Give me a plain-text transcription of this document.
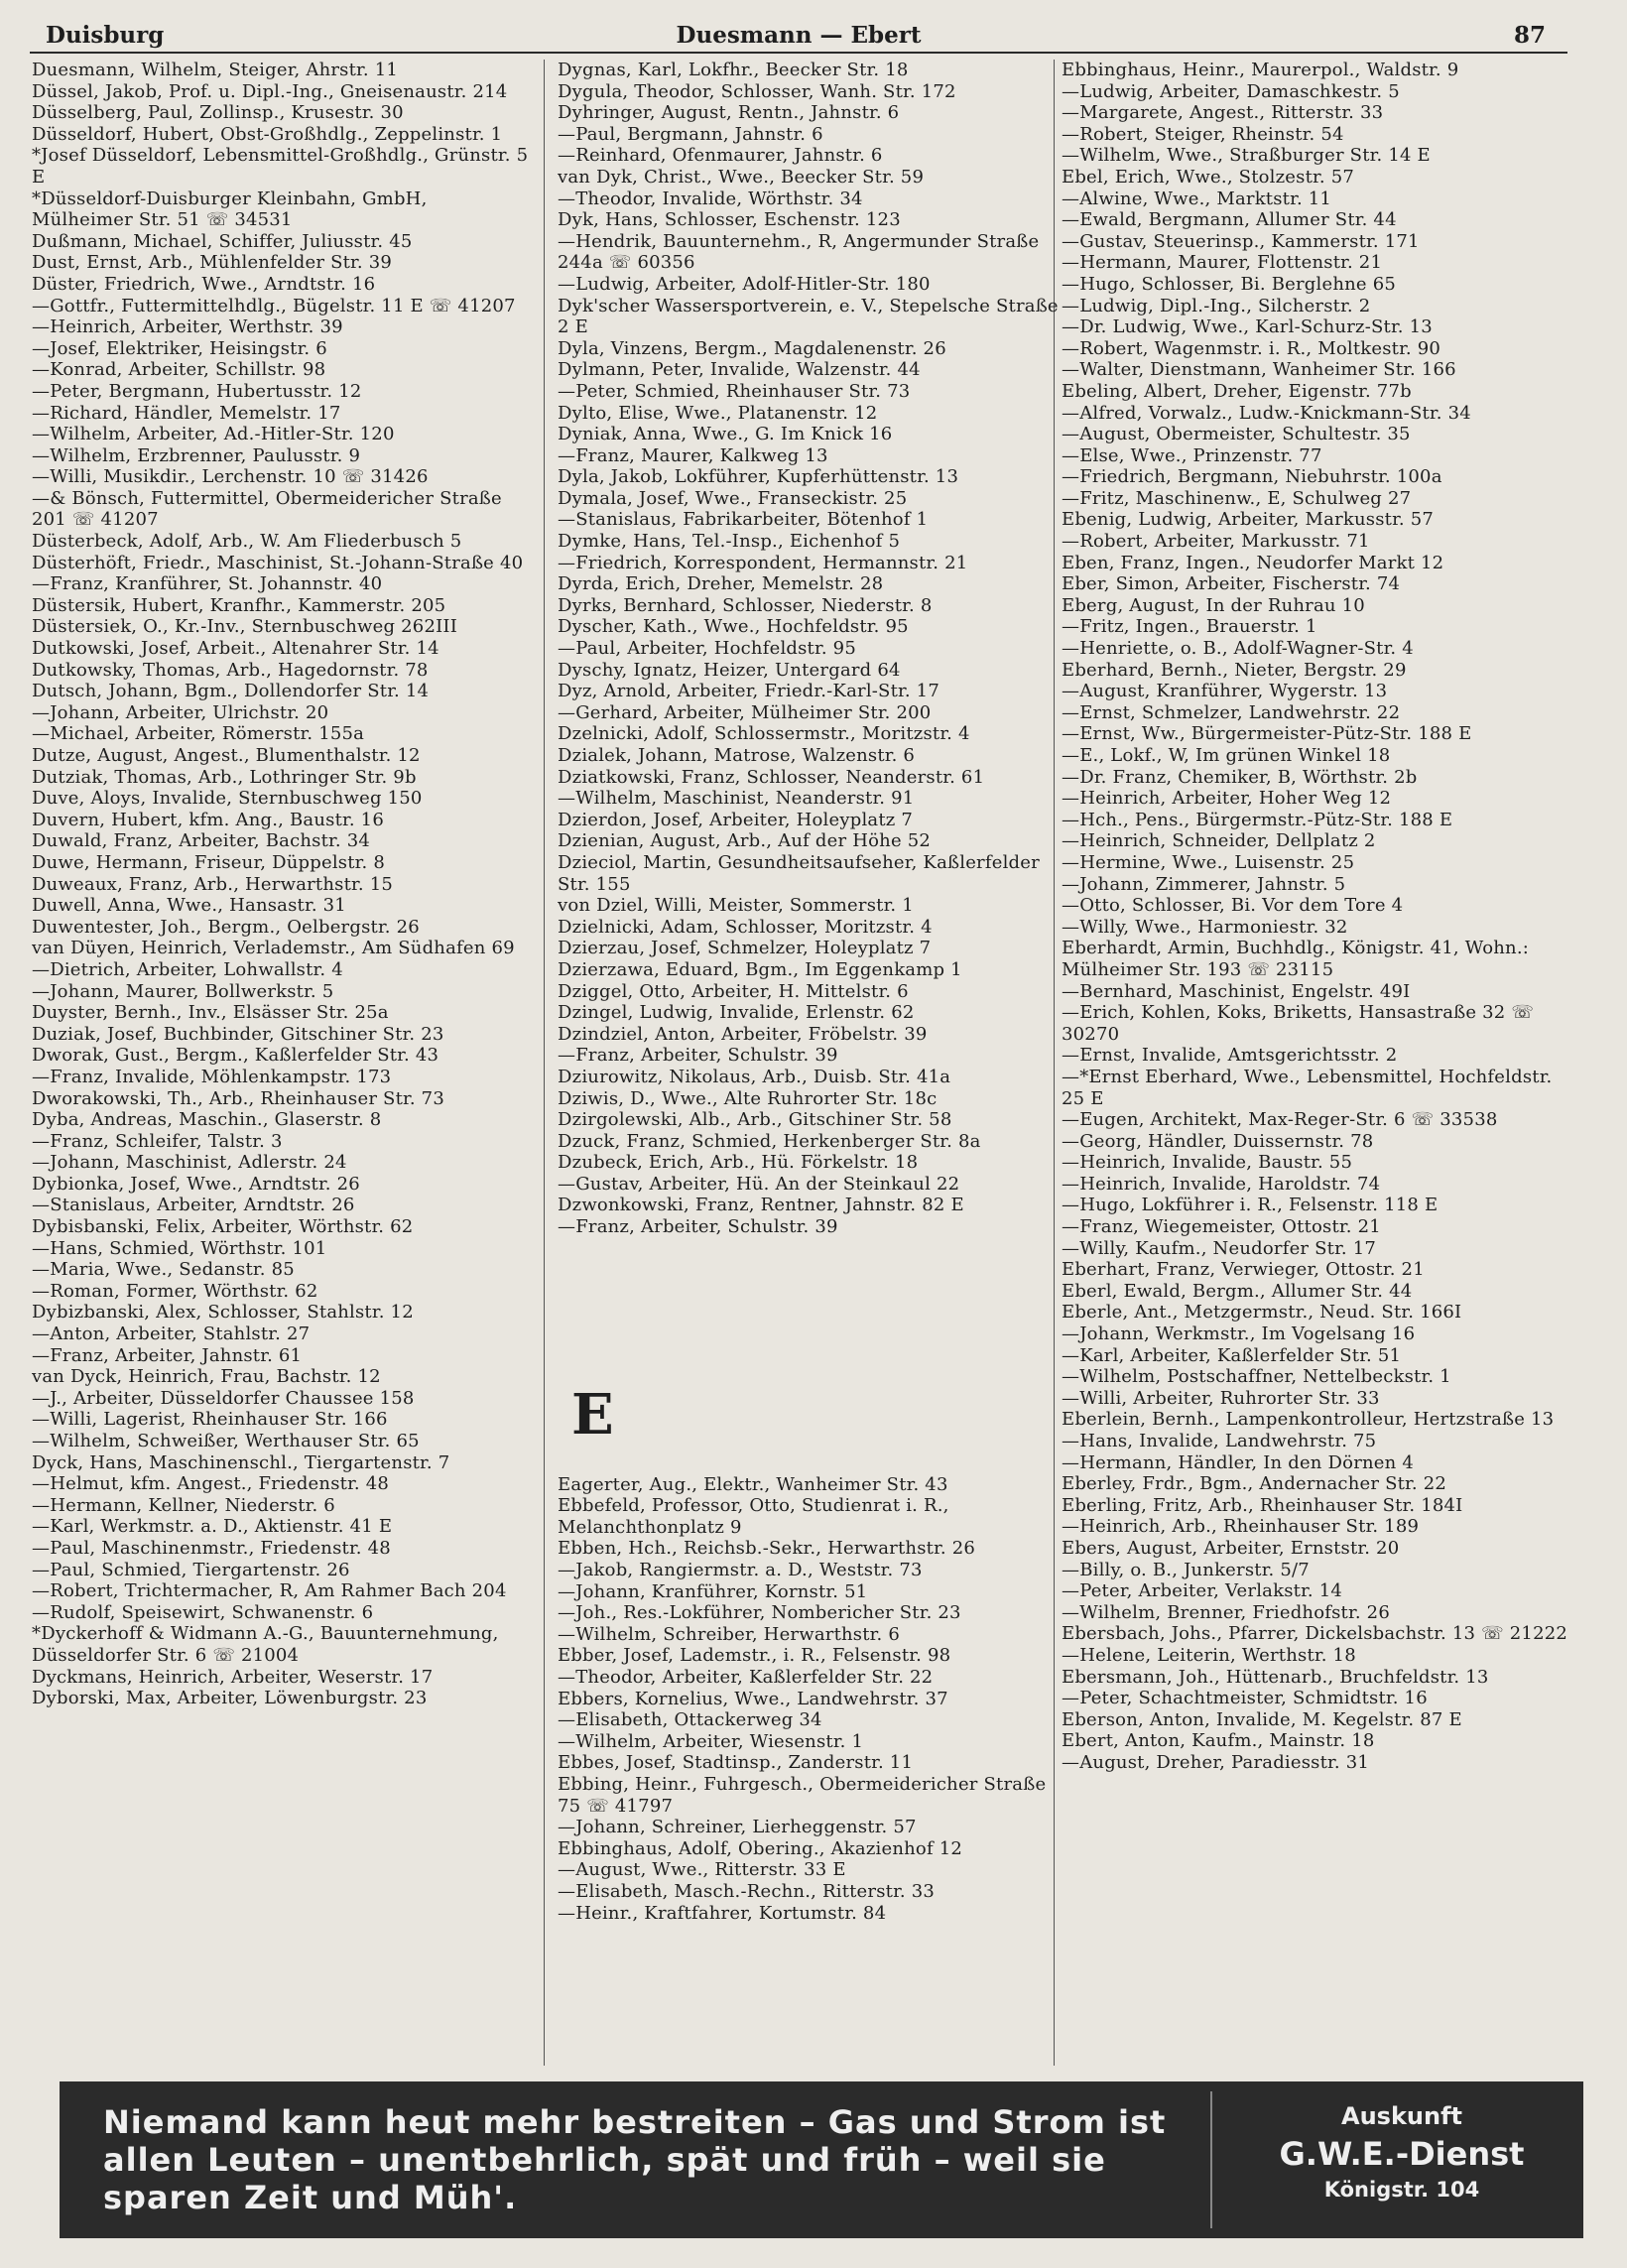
Duisburg	Duesmann — Ebert	87
Duesmann, Wilhelm, Steiger, Ahrstr. 11
Düssel, Jakob, Prof. u. Dipl.-Ing., Gneisenaustr. 214
Düsselberg, Paul, Zollinsp., Krusestr. 30
Düsseldorf, Hubert, Obst-Großhdlg., Zeppelinstr. 1
*Josef Düsseldorf, Lebensmittel-Großhdlg., Grünstr. 5 E
*Düsseldorf-Duisburger Kleinbahn, GmbH, Mülheimer Str. 51 ☏ 34531
Dußmann, Michael, Schiffer, Juliusstr. 45
Dust, Ernst, Arb., Mühlenfelder Str. 39
Düster, Friedrich, Wwe., Arndtstr. 16
—Gottfr., Futtermittelhdlg., Bügelstr. 11 E ☏ 41207
—Heinrich, Arbeiter, Werthstr. 39
—Josef, Elektriker, Heisingstr. 6
—Konrad, Arbeiter, Schillstr. 98
—Peter, Bergmann, Hubertusstr. 12
—Richard, Händler, Memelstr. 17
—Wilhelm, Arbeiter, Ad.-Hitler-Str. 120
—Wilhelm, Erzbrenner, Paulusstr. 9
—Willi, Musikdir., Lerchenstr. 10 ☏ 31426
—& Bönsch, Futtermittel, Obermeidericher Straße 201 ☏ 41207
Düsterbeck, Adolf, Arb., W. Am Fliederbusch 5
Düsterhöft, Friedr., Maschinist, St.-Johann-Straße 40
—Franz, Kranführer, St. Johannstr. 40
Düstersik, Hubert, Kranfhr., Kammerstr. 205
Düstersiek, O., Kr.-Inv., Sternbuschweg 262III
Dutkowski, Josef, Arbeit., Altenahrer Str. 14
Dutkowsky, Thomas, Arb., Hagedornstr. 78
Dutsch, Johann, Bgm., Dollendorfer Str. 14
—Johann, Arbeiter, Ulrichstr. 20
—Michael, Arbeiter, Römerstr. 155a
Dutze, August, Angest., Blumenthalstr. 12
Dutziak, Thomas, Arb., Lothringer Str. 9b
Duve, Aloys, Invalide, Sternbuschweg 150
Duvern, Hubert, kfm. Ang., Baustr. 16
Duwald, Franz, Arbeiter, Bachstr. 34
Duwe, Hermann, Friseur, Düppelstr. 8
Duweaux, Franz, Arb., Herwarthstr. 15
Duwell, Anna, Wwe., Hansastr. 31
Duwentester, Joh., Bergm., Oelbergstr. 26
van Düyen, Heinrich, Verlademstr., Am Südhafen 69
—Dietrich, Arbeiter, Lohwallstr. 4
—Johann, Maurer, Bollwerkstr. 5
Duyster, Bernh., Inv., Elsässer Str. 25a
Duziak, Josef, Buchbinder, Gitschiner Str. 23
Dworak, Gust., Bergm., Kaßlerfelder Str. 43
—Franz, Invalide, Möhlenkampstr. 173
Dworakowski, Th., Arb., Rheinhauser Str. 73
Dyba, Andreas, Maschin., Glaserstr. 8
—Franz, Schleifer, Talstr. 3
—Johann, Maschinist, Adlerstr. 24
Dybionka, Josef, Wwe., Arndtstr. 26
—Stanislaus, Arbeiter, Arndtstr. 26
Dybisbanski, Felix, Arbeiter, Wörthstr. 62
—Hans, Schmied, Wörthstr. 101
—Maria, Wwe., Sedanstr. 85
—Roman, Former, Wörthstr. 62
Dybizbanski, Alex, Schlosser, Stahlstr. 12
—Anton, Arbeiter, Stahlstr. 27
—Franz, Arbeiter, Jahnstr. 61
van Dyck, Heinrich, Frau, Bachstr. 12
—J., Arbeiter, Düsseldorfer Chaussee 158
—Willi, Lagerist, Rheinhauser Str. 166
—Wilhelm, Schweißer, Werthauser Str. 65
Dyck, Hans, Maschinenschl., Tiergartenstr. 7
—Helmut, kfm. Angest., Friedenstr. 48
—Hermann, Kellner, Niederstr. 6
—Karl, Werkmstr. a. D., Aktienstr. 41 E
—Paul, Maschinenmstr., Friedenstr. 48
—Paul, Schmied, Tiergartenstr. 26
—Robert, Trichtermacher, R, Am Rahmer Bach 204
—Rudolf, Speisewirt, Schwanenstr. 6
*Dyckerhoff & Widmann A.-G., Bauunternehmung, Düsseldorfer Str. 6 ☏ 21004
Dyckmans, Heinrich, Arbeiter, Weserstr. 17
Dyborski, Max, Arbeiter, Löwenburgstr. 23
Dygnas, Karl, Lokfhr., Beecker Str. 18
Dygula, Theodor, Schlosser, Wanh. Str. 172
Dyhringer, August, Rentn., Jahnstr. 6
—Paul, Bergmann, Jahnstr. 6
—Reinhard, Ofenmaurer, Jahnstr. 6
van Dyk, Christ., Wwe., Beecker Str. 59
—Theodor, Invalide, Wörthstr. 34
Dyk, Hans, Schlosser, Eschenstr. 123
—Hendrik, Bauunternehm., R, Angermunder Straße 244a ☏ 60356
—Ludwig, Arbeiter, Adolf-Hitler-Str. 180
Dyk'scher Wassersportverein, e. V., Stepelsche Straße 2 E
Dyla, Vinzens, Bergm., Magdalenenstr. 26
Dylmann, Peter, Invalide, Walzenstr. 44
—Peter, Schmied, Rheinhauser Str. 73
Dylto, Elise, Wwe., Platanenstr. 12
Dyniak, Anna, Wwe., G. Im Knick 16
—Franz, Maurer, Kalkweg 13
Dyla, Jakob, Lokführer, Kupferhüttenstr. 13
Dymala, Josef, Wwe., Franseckistr. 25
—Stanislaus, Fabrikarbeiter, Bötenhof 1
Dymke, Hans, Tel.-Insp., Eichenhof 5
—Friedrich, Korrespondent, Hermannstr. 21
Dyrda, Erich, Dreher, Memelstr. 28
Dyrks, Bernhard, Schlosser, Niederstr. 8
Dyscher, Kath., Wwe., Hochfeldstr. 95
—Paul, Arbeiter, Hochfeldstr. 95
Dyschy, Ignatz, Heizer, Untergard 64
Dyz, Arnold, Arbeiter, Friedr.-Karl-Str. 17
—Gerhard, Arbeiter, Mülheimer Str. 200
Dzelnicki, Adolf, Schlossermstr., Moritzstr. 4
Dzialek, Johann, Matrose, Walzenstr. 6
Dziatkowski, Franz, Schlosser, Neanderstr. 61
—Wilhelm, Maschinist, Neanderstr. 91
Dzierdon, Josef, Arbeiter, Holeyplatz 7
Dzienian, August, Arb., Auf der Höhe 52
Dzieciol, Martin, Gesundheitsaufseher, Kaßlerfelder Str. 155
von Dziel, Willi, Meister, Sommerstr. 1
Dzielnicki, Adam, Schlosser, Moritzstr. 4
Dzierzau, Josef, Schmelzer, Holeyplatz 7
Dzierzawa, Eduard, Bgm., Im Eggenkamp 1
Dziggel, Otto, Arbeiter, H. Mittelstr. 6
Dzingel, Ludwig, Invalide, Erlenstr. 62
Dzindziel, Anton, Arbeiter, Fröbelstr. 39
—Franz, Arbeiter, Schulstr. 39
Dziurowitz, Nikolaus, Arb., Duisb. Str. 41a
Dziwis, D., Wwe., Alte Ruhrorter Str. 18c
Dzirgolewski, Alb., Arb., Gitschiner Str. 58
Dzuck, Franz, Schmied, Herkenberger Str. 8a
Dzubeck, Erich, Arb., Hü. Förkelstr. 18
—Gustav, Arbeiter, Hü. An der Steinkaul 22
Dzwonkowski, Franz, Rentner, Jahnstr. 82 E
—Franz, Arbeiter, Schulstr. 39
E
Eagerter, Aug., Elektr., Wanheimer Str. 43
Ebbefeld, Professor, Otto, Studienrat i. R., Melanchthonplatz 9
Ebben, Hch., Reichsb.-Sekr., Herwarthstr. 26
—Jakob, Rangiermstr. a. D., Weststr. 73
—Johann, Kranführer, Kornstr. 51
—Joh., Res.-Lokführer, Nombericher Str. 23
—Wilhelm, Schreiber, Herwarthstr. 6
Ebber, Josef, Lademstr., i. R., Felsenstr. 98
—Theodor, Arbeiter, Kaßlerfelder Str. 22
Ebbers, Kornelius, Wwe., Landwehrstr. 37
—Elisabeth, Ottackerweg 34
—Wilhelm, Arbeiter, Wiesenstr. 1
Ebbes, Josef, Stadtinsp., Zanderstr. 11
Ebbing, Heinr., Fuhrgesch., Obermeidericher Straße 75 ☏ 41797
—Johann, Schreiner, Lierheggenstr. 57
Ebbinghaus, Adolf, Obering., Akazienhof 12
—August, Wwe., Ritterstr. 33 E
—Elisabeth, Masch.-Rechn., Ritterstr. 33
—Heinr., Kraftfahrer, Kortumstr. 84
Ebbinghaus, Heinr., Maurerpol., Waldstr. 9
—Ludwig, Arbeiter, Damaschkestr. 5
—Margarete, Angest., Ritterstr. 33
—Robert, Steiger, Rheinstr. 54
—Wilhelm, Wwe., Straßburger Str. 14 E
Ebel, Erich, Wwe., Stolzestr. 57
—Alwine, Wwe., Marktstr. 11
—Ewald, Bergmann, Allumer Str. 44
—Gustav, Steuerinsp., Kammerstr. 171
—Hermann, Maurer, Flottenstr. 21
—Hugo, Schlosser, Bi. Berglehne 65
—Ludwig, Dipl.-Ing., Silcherstr. 2
—Dr. Ludwig, Wwe., Karl-Schurz-Str. 13
—Robert, Wagenmstr. i. R., Moltkestr. 90
—Walter, Dienstmann, Wanheimer Str. 166
Ebeling, Albert, Dreher, Eigenstr. 77b
—Alfred, Vorwalz., Ludw.-Knickmann-Str. 34
—August, Obermeister, Schultestr. 35
—Else, Wwe., Prinzenstr. 77
—Friedrich, Bergmann, Niebuhrstr. 100a
—Fritz, Maschinenw., E, Schulweg 27
Ebenig, Ludwig, Arbeiter, Markusstr. 57
—Robert, Arbeiter, Markusstr. 71
Eben, Franz, Ingen., Neudorfer Markt 12
Eber, Simon, Arbeiter, Fischerstr. 74
Eberg, August, In der Ruhrau 10
—Fritz, Ingen., Brauerstr. 1
—Henriette, o. B., Adolf-Wagner-Str. 4
Eberhard, Bernh., Nieter, Bergstr. 29
—August, Kranführer, Wygerstr. 13
—Ernst, Schmelzer, Landwehrstr. 22
—Ernst, Ww., Bürgermeister-Pütz-Str. 188 E
—E., Lokf., W, Im grünen Winkel 18
—Dr. Franz, Chemiker, B, Wörthstr. 2b
—Heinrich, Arbeiter, Hoher Weg 12
—Hch., Pens., Bürgermstr.-Pütz-Str. 188 E
—Heinrich, Schneider, Dellplatz 2
—Hermine, Wwe., Luisenstr. 25
—Johann, Zimmerer, Jahnstr. 5
—Otto, Schlosser, Bi. Vor dem Tore 4
—Willy, Wwe., Harmoniestr. 32
Eberhardt, Armin, Buchhdlg., Königstr. 41, Wohn.: Mülheimer Str. 193 ☏ 23115
—Bernhard, Maschinist, Engelstr. 49I
—Erich, Kohlen, Koks, Briketts, Hansastraße 32 ☏ 30270
—Ernst, Invalide, Amtsgerichtsstr. 2
—*Ernst Eberhard, Wwe., Lebensmittel, Hochfeldstr. 25 E
—Eugen, Architekt, Max-Reger-Str. 6 ☏ 33538
—Georg, Händler, Duissernstr. 78
—Heinrich, Invalide, Baustr. 55
—Heinrich, Invalide, Haroldstr. 74
—Hugo, Lokführer i. R., Felsenstr. 118 E
—Franz, Wiegemeister, Ottostr. 21
—Willy, Kaufm., Neudorfer Str. 17
Eberhart, Franz, Verwieger, Ottostr. 21
Eberl, Ewald, Bergm., Allumer Str. 44
Eberle, Ant., Metzgermstr., Neud. Str. 166I
—Johann, Werkmstr., Im Vogelsang 16
—Karl, Arbeiter, Kaßlerfelder Str. 51
—Wilhelm, Postschaffner, Nettelbeckstr. 1
—Willi, Arbeiter, Ruhrorter Str. 33
Eberlein, Bernh., Lampenkontrolleur, Hertzstraße 13
—Hans, Invalide, Landwehrstr. 75
—Hermann, Händler, In den Dörnen 4
Eberley, Frdr., Bgm., Andernacher Str. 22
Eberling, Fritz, Arb., Rheinhauser Str. 184I
—Heinrich, Arb., Rheinhauser Str. 189
Ebers, August, Arbeiter, Ernststr. 20
—Billy, o. B., Junkerstr. 5/7
—Peter, Arbeiter, Verlakstr. 14
—Wilhelm, Brenner, Friedhofstr. 26
Ebersbach, Johs., Pfarrer, Dickelsbachstr. 13 ☏ 21222
—Helene, Leiterin, Werthstr. 18
Ebersmann, Joh., Hüttenarb., Bruchfeldstr. 13
—Peter, Schachtmeister, Schmidtstr. 16
Eberson, Anton, Invalide, M. Kegelstr. 87 E
Ebert, Anton, Kaufm., Mainstr. 18
—August, Dreher, Paradiesstr. 31
Niemand kann heut mehr bestreiten – Gas und Strom ist
allen Leuten – unentbehrlich, spät und früh – weil sie
sparen Zeit und Müh'.
Auskunft
G.W.E.-Dienst
Königstr. 104
